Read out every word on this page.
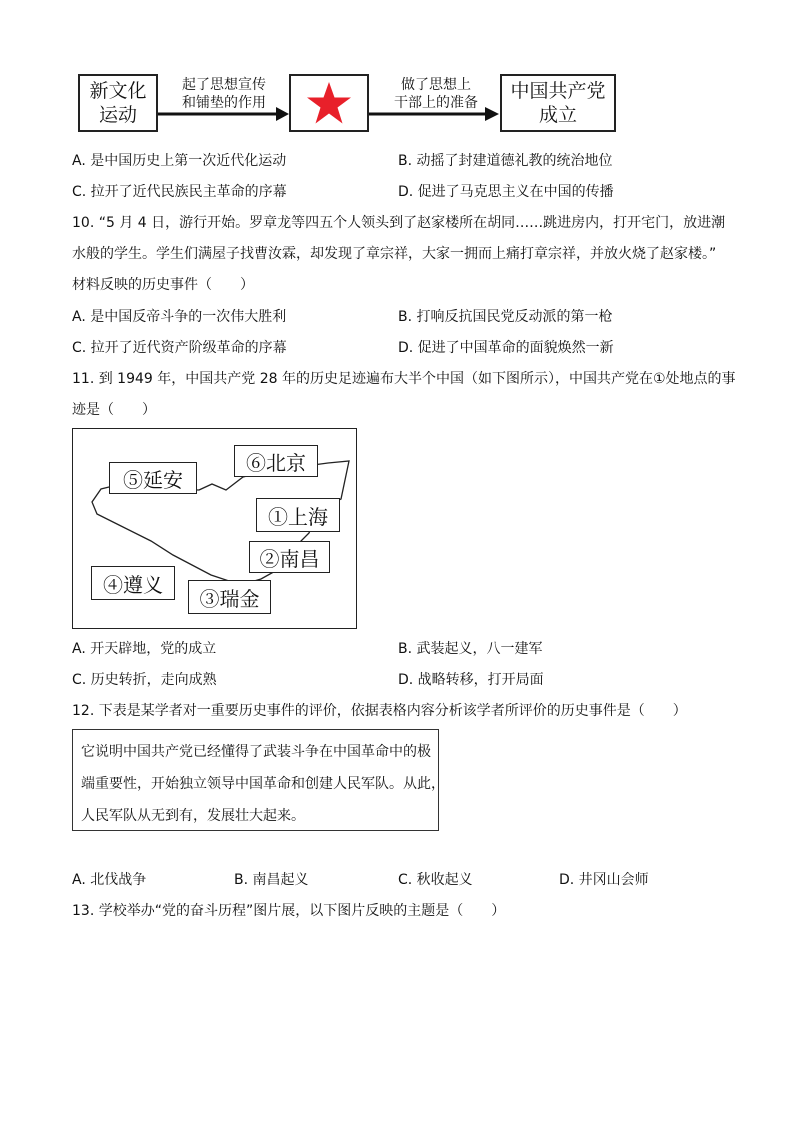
新文化运动
起了思想宣传
和铺垫的作用
做了思想上
干部上的准备
中国共产党成立
A. 是中国历史上第一次近代化运动	B. 动摇了封建道德礼教的统治地位
C. 拉开了近代民族民主革命的序幕	D. 促进了马克思主义在中国的传播
10. “5 月 4 日，游行开始。罗章龙等四五个人领头到了赵家楼所在胡同……跳进房内，打开宅门，放进潮
水般的学生。学生们满屋子找曹汝霖，却发现了章宗祥，大家一拥而上痛打章宗祥，并放火烧了赵家楼。”
材料反映的历史事件（　　）
A. 是中国反帝斗争的一次伟大胜利	B. 打响反抗国民党反动派的第一枪
C. 拉开了近代资产阶级革命的序幕	D. 促进了中国革命的面貌焕然一新
11. 到 1949 年，中国共产党 28 年的历史足迹遍布大半个中国（如下图所示），中国共产党在①处地点的事
迹是（　　）
⑤延安
⑥北京
①上海
②南昌
④遵义
③瑞金
A. 开天辟地，党的成立	B. 武装起义，八一建军
C. 历史转折，走向成熟	D. 战略转移，打开局面
12. 下表是某学者对一重要历史事件的评价，依据表格内容分析该学者所评价的历史事件是（　　）
它说明中国共产党已经懂得了武装斗争在中国革命中的极
端重要性，开始独立领导中国革命和创建人民军队。从此，
人民军队从无到有，发展壮大起来。
A. 北伐战争	B. 南昌起义	C. 秋收起义	D. 井冈山会师
13. 学校举办“党的奋斗历程”图片展，以下图片反映的主题是（　　）
